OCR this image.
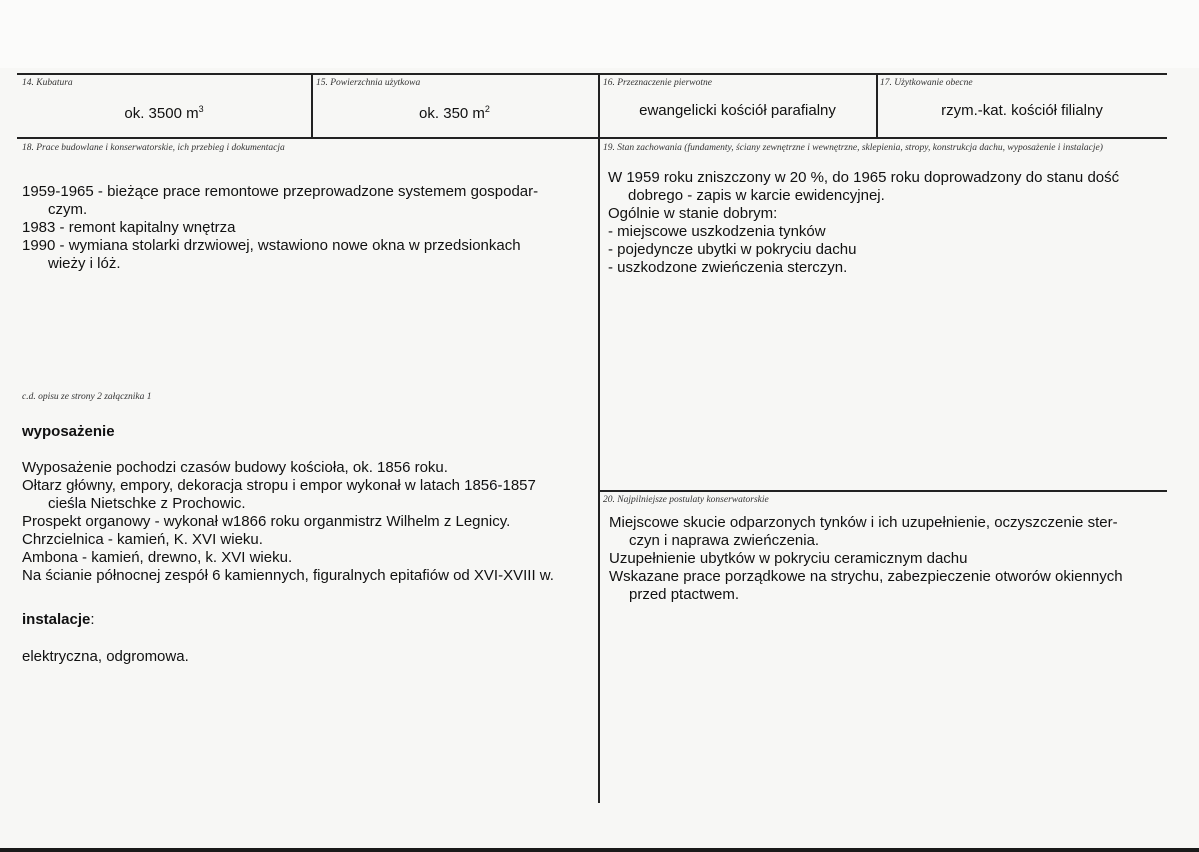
14. Kubatura
ok. 3500 $m^3$
15. Powierzchnia użytkowa
ok. 350 $m^2$
16. Przeznaczenie pierwotne
ewangelicki kościół parafialny
17. Użytkowanie obecne
rzym.-kat. kościół filialny
18. Prace budowlane i konserwatorskie, ich przebieg i dokumentacja
1959-1965 - bieżące prace remontowe przeprowadzone systemem gospodar-
czym.
1983 - remont kapitalny wnętrza
1990 - wymiana stolarki drzwiowej, wstawiono nowe okna w przedsionkach
wieży i lóż.
c.d. opisu ze strony 2 załącznika 1
wyposażenie
Wyposażenie pochodzi czasów budowy kościoła, ok. 1856 roku.
Ołtarz główny, empory, dekoracja stropu i empor wykonał w latach 1856-1857
cieśla Nietschke z Prochowic.
Prospekt organowy - wykonał w1866 roku organmistrz Wilhelm z Legnicy.
Chrzcielnica - kamień, K. XVI wieku.
Ambona - kamień, drewno, k. XVI wieku.
Na ścianie północnej zespół 6 kamiennych, figuralnych epitafiów od XVI-XVIII w.
instalacje:
elektryczna, odgromowa.
19. Stan zachowania (fundamenty, ściany zewnętrzne i wewnętrzne, sklepienia, stropy, konstrukcja dachu, wyposażenie i instalacje)
W 1959 roku zniszczony w 20 %, do 1965 roku doprowadzony do stanu dość
dobrego - zapis w karcie ewidencyjnej.
Ogólnie w stanie dobrym:
- miejscowe uszkodzenia tynków
- pojedyncze ubytki w pokryciu dachu
- uszkodzone zwieńczenia sterczyn.
20. Najpilniejsze postulaty konserwatorskie
Miejscowe skucie odparzonych tynków i ich uzupełnienie, oczyszczenie ster-
czyn i naprawa zwieńczenia.
Uzupełnienie ubytków w pokryciu ceramicznym dachu
Wskazane prace porządkowe na strychu, zabezpieczenie otworów okiennych
przed ptactwem.
